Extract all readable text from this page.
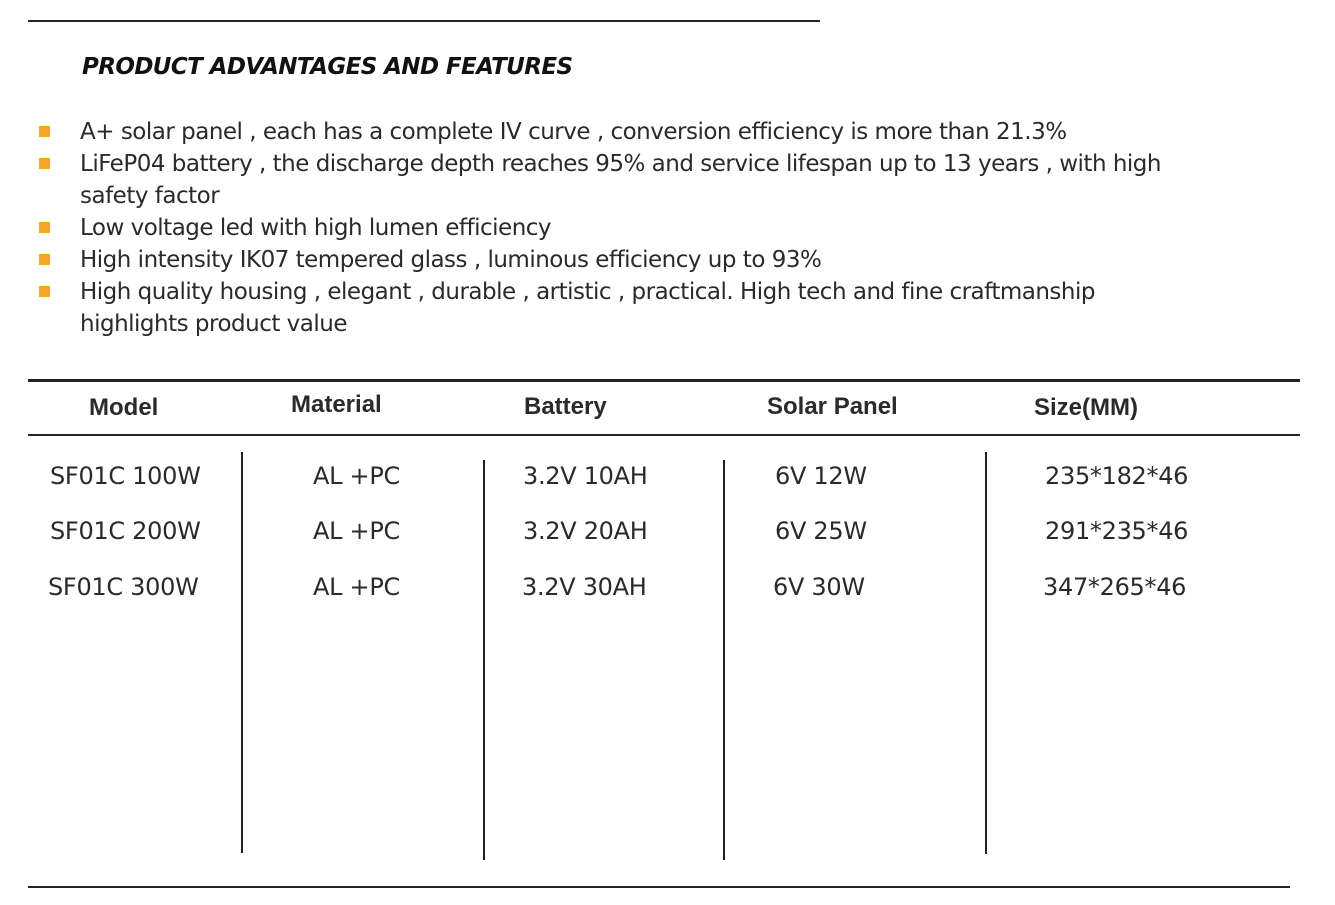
PRODUCT ADVANTAGES AND FEATURES
A+ solar panel , each has a complete IV curve , conversion efficiency is more than 21.3%
LiFeP04 battery , the discharge depth reaches 95% and service lifespan up to 13 years , with high safety factor
Low voltage led with high lumen efficiency
High intensity IK07 tempered glass , luminous efficiency up to 93%
High quality housing , elegant , durable , artistic , practical. High tech and fine craftmanship highlights product value
Model	Material	Battery	Solar Panel	Size(MM)
SF01C 100W	AL +PC	3.2V 10AH	6V 12W	235*182*46
SF01C 200W	AL +PC	3.2V 20AH	6V 25W	291*235*46
SF01C 300W	AL +PC	3.2V 30AH	6V 30W	347*265*46
